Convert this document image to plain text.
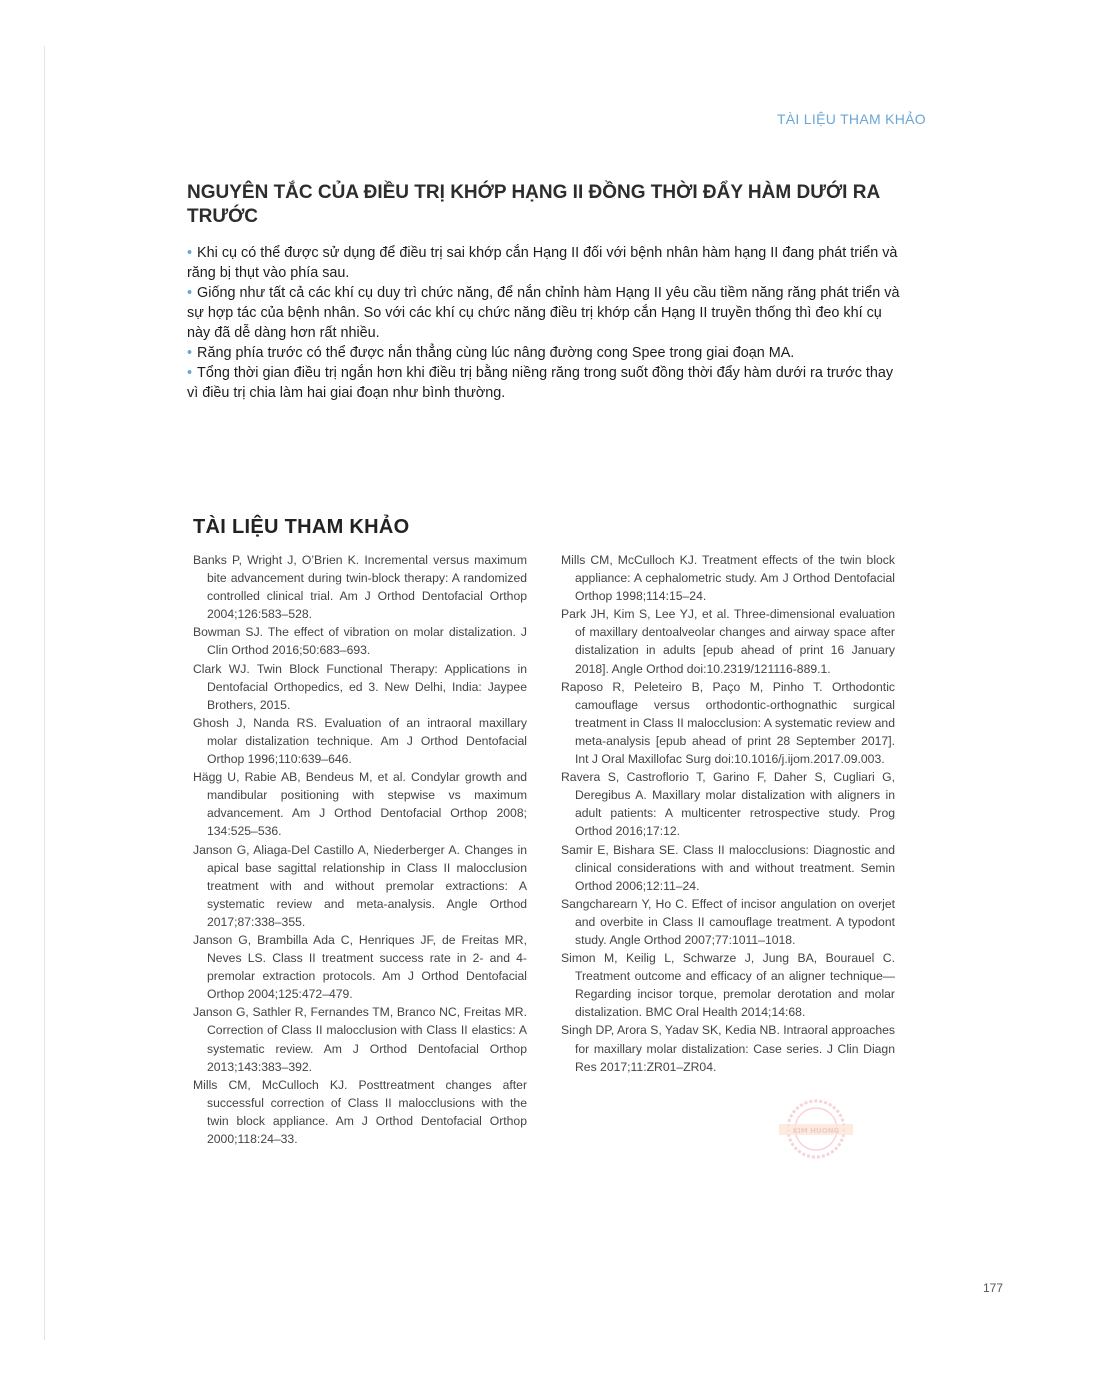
TÀI LIỆU THAM KHẢO
NGUYÊN TẮC CỦA ĐIỀU TRỊ KHỚP HẠNG II ĐỒNG THỜI ĐẨY HÀM DƯỚI RA TRƯỚC
• Khi cụ có thể được sử dụng để điều trị sai khớp cắn Hạng II đối với bệnh nhân hàm hạng II đang phát triển và răng bị thụt vào phía sau.
• Giống như tất cả các khí cụ duy trì chức năng, để nắn chỉnh hàm Hạng II yêu cầu tiềm năng răng phát triển và sự hợp tác của bệnh nhân. So với các khí cụ chức năng điều trị khớp cắn Hạng II truyền thống thì đeo khí cụ này đã dễ dàng hơn rất nhiều.
• Răng phía trước có thể được nắn thẳng cùng lúc nâng đường cong Spee trong giai đoạn MA.
• Tổng thời gian điều trị ngắn hơn khi điều trị bằng niềng răng trong suốt đồng thời đẩy hàm dưới ra trước thay vì điều trị chia làm hai giai đoạn như bình thường.
TÀI LIỆU THAM KHẢO

Banks P, Wright J, O’Brien K. Incremental versus maximum bite advancement during twin-block therapy: A randomized controlled clinical trial. Am J Orthod Dentofacial Orthop 2004;126:583–528.

Bowman SJ. The effect of vibration on molar distalization. J Clin Orthod 2016;50:683–693.

Clark WJ. Twin Block Functional Therapy: Applications in Dentofacial Orthopedics, ed 3. New Delhi, India: Jaypee Brothers, 2015.

Ghosh J, Nanda RS. Evaluation of an intraoral maxillary molar distalization technique. Am J Orthod Dentofacial Orthop 1996;110:639–646.

Hägg U, Rabie AB, Bendeus M, et al. Condylar growth and mandibular positioning with stepwise vs maximum advancement. Am J Orthod Dentofacial Orthop 2008; 134:525–536.

Janson G, Aliaga-Del Castillo A, Niederberger A. Changes in apical base sagittal relationship in Class II malocclusion treatment with and without premolar extractions: A systematic review and meta-analysis. Angle Orthod 2017;87:338–355.

Janson G, Brambilla Ada C, Henriques JF, de Freitas MR, Neves LS. Class II treatment success rate in 2- and 4-premolar extraction protocols. Am J Orthod Dentofacial Orthop 2004;125:472–479.

Janson G, Sathler R, Fernandes TM, Branco NC, Freitas MR. Correction of Class II malocclusion with Class II elastics: A systematic review. Am J Orthod Dentofacial Orthop 2013;143:383–392.

Mills CM, McCulloch KJ. Posttreatment changes after successful correction of Class II malocclusions with the twin block appliance. Am J Orthod Dentofacial Orthop 2000;118:24–33.

Mills CM, McCulloch KJ. Treatment effects of the twin block appliance: A cephalometric study. Am J Orthod Dentofacial Orthop 1998;114:15–24.

Park JH, Kim S, Lee YJ, et al. Three-dimensional evaluation of maxillary dentoalveolar changes and airway space after distalization in adults [epub ahead of print 16 January 2018]. Angle Orthod doi:10.2319/121116-889.1.

Raposo R, Peleteiro B, Paço M, Pinho T. Orthodontic camouflage versus orthodontic-orthognathic surgical treatment in Class II malocclusion: A systematic review and meta-analysis [epub ahead of print 28 September 2017]. Int J Oral Maxillofac Surg doi:10.1016/j.ijom.2017.09.003.

Ravera S, Castroflorio T, Garino F, Daher S, Cugliari G, Deregibus A. Maxillary molar distalization with aligners in adult patients: A multicenter retrospective study. Prog Orthod 2016;17:12.

Samir E, Bishara SE. Class II malocclusions: Diagnostic and clinical considerations with and without treatment. Semin Orthod 2006;12:11–24.

Sangcharearn Y, Ho C. Effect of incisor angulation on overjet and overbite in Class II camouflage treatment. A typodont study. Angle Orthod 2007;77:1011–1018.

Simon M, Keilig L, Schwarze J, Jung BA, Bourauel C. Treatment outcome and efficacy of an aligner technique—Regarding incisor torque, premolar derotation and molar distalization. BMC Oral Health 2014;14:68.

Singh DP, Arora S, Yadav SK, Kedia NB. Intraoral approaches for maxillary molar distalization: Case series. J Clin Diagn Res 2017;11:ZR01–ZR04.

KIM HUONG
177
